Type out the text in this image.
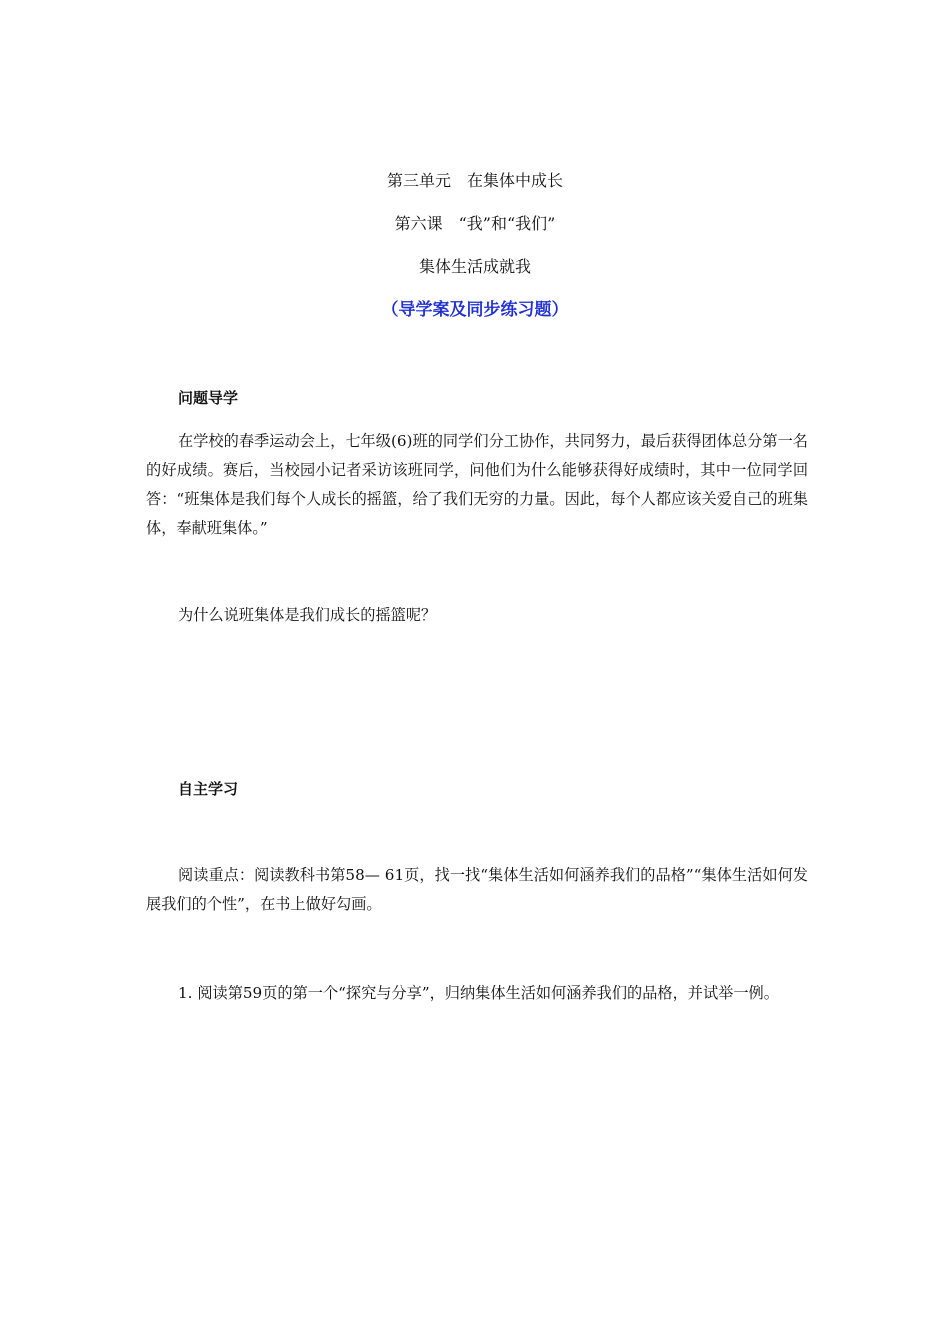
第三单元　在集体中成长
第六课　“我”和“我们”
集体生活成就我
（导学案及同步练习题）
问题导学

在学校的春季运动会上，七年级(6)班的同学们分工协作，共同努力，最后获得团体总分第一名的好成绩。赛后，当校园小记者采访该班同学，问他们为什么能够获得好成绩时，其中一位同学回答：“班集体是我们每个人成长的摇篮，给了我们无穷的力量。因此，每个人都应该关爱自己的班集体，奉献班集体。”

为什么说班集体是我们成长的摇篮呢？
自主学习

阅读重点：阅读教科书第58— 61页，找一找“集体生活如何涵养我们的品格”“集体生活如何发展我们的个性”，在书上做好勾画。

1. 阅读第59页的第一个“探究与分享”，归纳集体生活如何涵养我们的品格，并试举一例。
